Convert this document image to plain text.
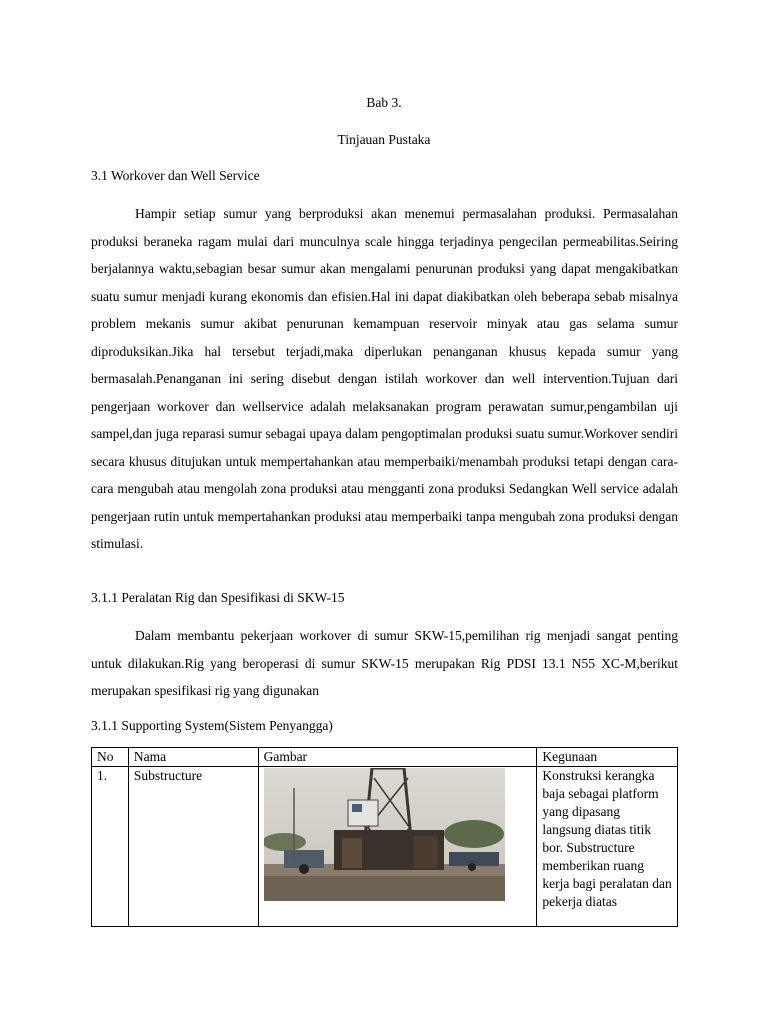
Bab 3.
Tinjauan Pustaka
3.1 Workover dan Well Service

Hampir setiap sumur yang berproduksi akan menemui permasalahan produksi. Permasalahan produksi beraneka ragam mulai dari munculnya scale hingga terjadinya pengecilan permeabilitas.Seiring berjalannya waktu,sebagian besar sumur akan mengalami penurunan produksi yang dapat mengakibatkan suatu sumur menjadi kurang ekonomis dan efisien.Hal ini dapat diakibatkan oleh beberapa sebab misalnya problem mekanis sumur akibat penurunan kemampuan reservoir minyak atau gas selama sumur diproduksikan.Jika hal tersebut terjadi,maka diperlukan penanganan khusus kepada sumur yang bermasalah.Penanganan ini sering disebut dengan istilah workover dan well intervention.Tujuan dari pengerjaan workover dan wellservice adalah melaksanakan program perawatan sumur,pengambilan uji sampel,dan juga reparasi sumur sebagai upaya dalam pengoptimalan produksi suatu sumur.Workover sendiri secara khusus ditujukan untuk mempertahankan atau memperbaiki/menambah produksi tetapi dengan cara-cara mengubah atau mengolah zona produksi atau mengganti zona produksi Sedangkan Well service adalah pengerjaan rutin untuk mempertahankan produksi atau memperbaiki tanpa mengubah zona produksi dengan stimulasi.

3.1.1 Peralatan Rig dan Spesifikasi di SKW-15

Dalam membantu pekerjaan workover di sumur SKW-15,pemilihan rig menjadi sangat penting untuk dilakukan.Rig yang beroperasi di sumur SKW-15 merupakan Rig PDSI 13.1 N55 XC-M,berikut merupakan spesifikasi rig yang digunakan

3.1.1 Supporting System(Sistem Penyangga)
No	Nama	Gambar	Kegunaan
1.	Substructure		Konstruksi kerangka baja sebagai platform yang dipasang langsung diatas titik bor. Substructure memberikan ruang kerja bagi peralatan dan pekerja diatas
